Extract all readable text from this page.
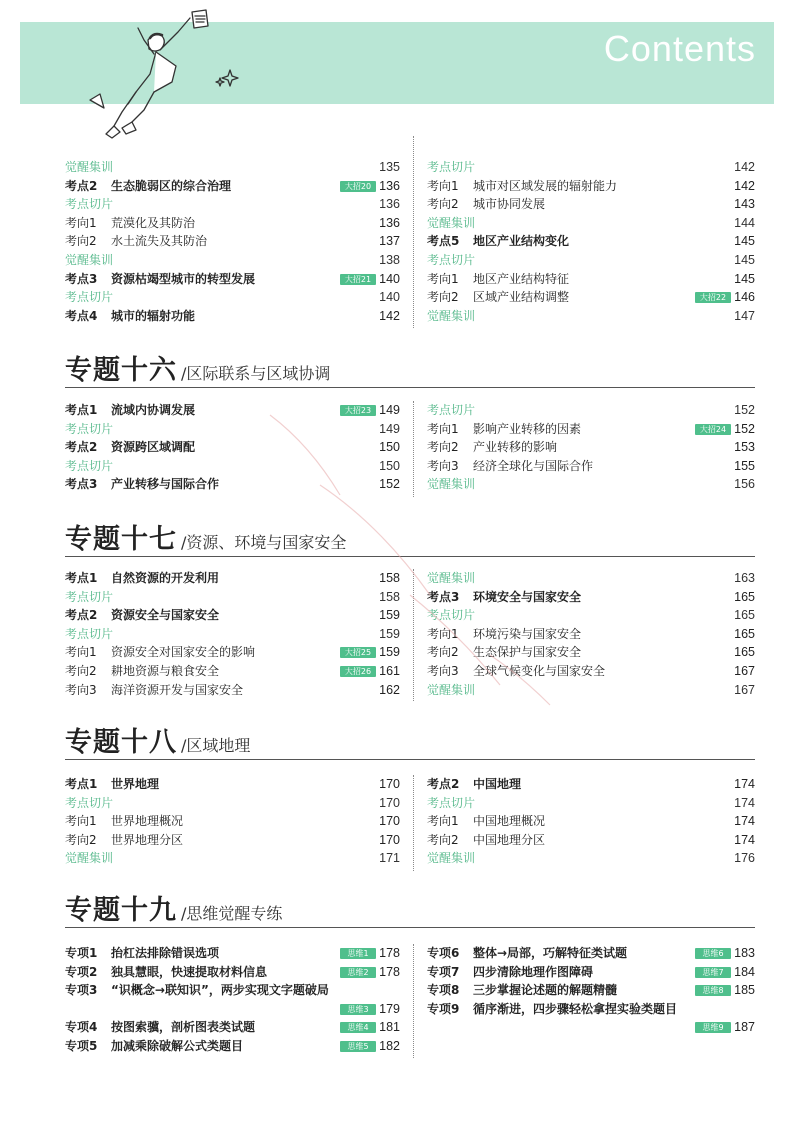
Contents
觉醒集训	135
考点2 生态脆弱区的综合治理	大招20 136
考点切片	136
考向1 荒漠化及其防治	136
考向2 水土流失及其防治	137
觉醒集训	138
考点3 资源枯竭型城市的转型发展	大招21 140
考点切片	140
考点4 城市的辐射功能	142
考点切片	142
考向1 城市对区域发展的辐射能力	142
考向2 城市协同发展	143
觉醒集训	144
考点5 地区产业结构变化	145
考点切片	145
考向1 地区产业结构特征	145
考向2 区域产业结构调整	大招22 146
觉醒集训	147
专题十六 /区际联系与区域协调
考点1 流域内协调发展	大招23 149
考点切片	149
考点2 资源跨区域调配	150
考点切片	150
考点3 产业转移与国际合作	152
考点切片	152
考向1 影响产业转移的因素	大招24 152
考向2 产业转移的影响	153
考向3 经济全球化与国际合作	155
觉醒集训	156
专题十七 /资源、环境与国家安全
考点1 自然资源的开发利用	158
考点切片	158
考点2 资源安全与国家安全	159
考点切片	159
考向1 资源安全对国家安全的影响	大招25 159
考向2 耕地资源与粮食安全	大招26 161
考向3 海洋资源开发与国家安全	162
觉醒集训	163
考点3 环境安全与国家安全	165
考点切片	165
考向1 环境污染与国家安全	165
考向2 生态保护与国家安全	165
考向3 全球气候变化与国家安全	167
觉醒集训	167
专题十八 /区域地理
考点1 世界地理	170
考点切片	170
考向1 世界地理概况	170
考向2 世界地理分区	170
觉醒集训	171
考点2 中国地理	174
考点切片	174
考向1 中国地理概况	174
考向2 中国地理分区	174
觉醒集训	176
专题十九 /思维觉醒专练
专项1 抬杠法排除错误选项	思维1 178
专项2 独具慧眼，快速提取材料信息	思维2 178
专项3 “识概念→联知识”，两步实现文字题破局
思维3 179
专项4 按图索骥，剖析图表类试题	思维4 181
专项5 加减乘除破解公式类题目	思维5 182
专项6 整体→局部，巧解特征类试题	思维6 183
专项7 四步清除地理作图障碍	思维7 184
专项8 三步掌握论述题的解题精髓	思维8 185
专项9 循序渐进，四步骤轻松拿捏实验类题目
思维9 187
